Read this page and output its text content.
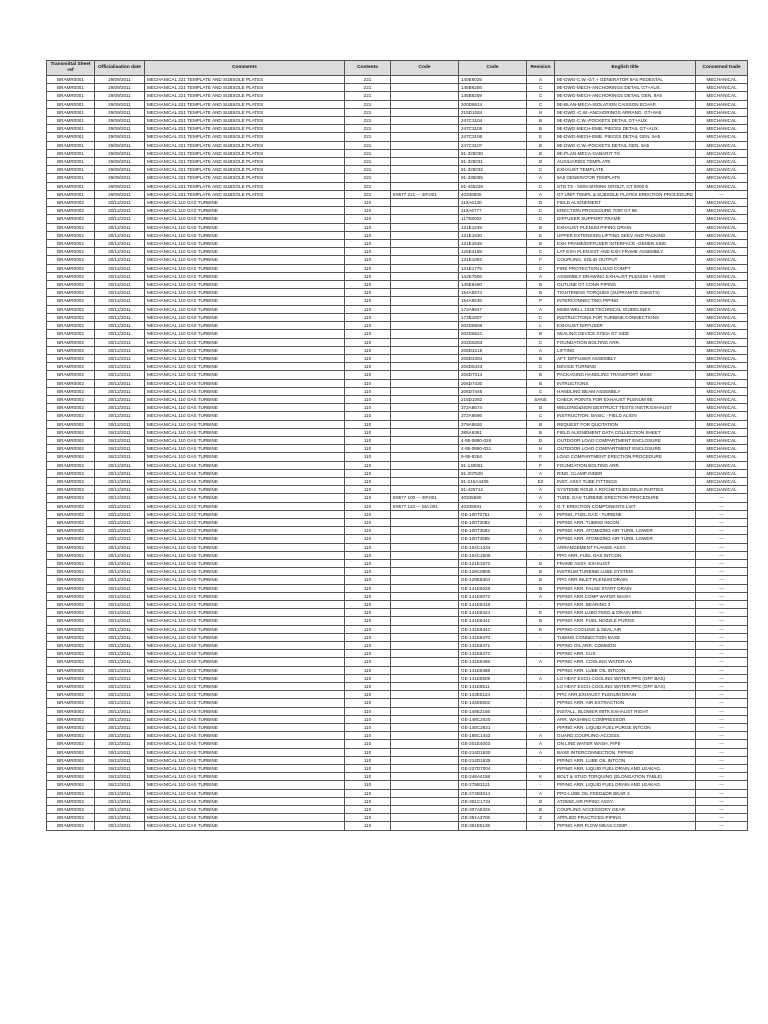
Transmittal Sheet ref	Officialisation date	Comments	Contents	Code	Code	Revision	English title	Concerned trade
BRAMR0001	29/09/2011	MECHANICAL 221 TEMPLATE AND SUBSOLE PLATES	221		140E6025	A	9E-DWG-C.W.-GT + GENERATOR 9A5 PEDESTAL	MECHANICAL
BRAMR0001	29/09/2011	MECHANICAL 221 TEMPLATE AND SUBSOLE PLATES	221		145B6256	C	9E-DWG-MECH-ANCHORINGS DETAIL GT+AUX.	MECHANICAL
BRAMR0001	29/09/2011	MECHANICAL 221 TEMPLATE AND SUBSOLE PLATES	221		145B6259	C	9E-DWG-MECH-ANCHORINGS DETAIL GEN. 9A5	MECHANICAL
BRAMR0001	29/09/2011	MECHANICAL 221 TEMPLATE AND SUBSOLE PLATES	221		200D8614	C	9E-BLAN-MECA-ISOLATION CAISSON ECHAP.	MECHANICAL
BRAMR0001	29/09/2011	MECHANICAL 221 TEMPLATE AND SUBSOLE PLATES	221		215D1064	H	9E-DWG.-C.W.-ANCHORINGS ARRANG. GT+9A5	MECHANICAL
BRAMR0001	29/09/2011	MECHANICAL 221 TEMPLATE AND SUBSOLE PLATES	221		247C3104	B	9E-DWG-C.W.-POCKETS DETAIL GT+AUX.	MECHANICAL
BRAMR0001	29/09/2011	MECHANICAL 221 TEMPLATE AND SUBSOLE PLATES	221		247C3105	B	9E-DWG-MECH-EMB. PIECES DETAIL GT+AUX.	MECHANICAL
BRAMR0001	29/09/2011	MECHANICAL 221 TEMPLATE AND SUBSOLE PLATES	221		247C3106	E	9E-DWG-MECH-EMB. PIECES DETAIL GEN. 9A5	MECHANICAL
BRAMR0001	29/09/2011	MECHANICAL 221 TEMPLATE AND SUBSOLE PLATES	221		247C3107	B	9E-DWG-C.W.-POCKETS DETAIL GEN. 9A5	MECHANICAL
BRAMR0001	29/09/2011	MECHANICAL 221 TEMPLATE AND SUBSOLE PLATES	221		91-325030	B	9E-PLAN-MECA-GABARIT TG	MECHANICAL
BRAMR0001	29/09/2011	MECHANICAL 221 TEMPLATE AND SUBSOLE PLATES	221		91-325031	D	AUXILIARIES TEMPLATE	MECHANICAL
BRAMR0001	29/09/2011	MECHANICAL 221 TEMPLATE AND SUBSOLE PLATES	221		91-325032	C	EXHAUST TEMPLATE	MECHANICAL
BRAMR0001	29/09/2011	MECHANICAL 221 TEMPLATE AND SUBSOLE PLATES	221		91-335085	A	9A5 GENERATOR TEMPLATE	MECHANICAL
BRAMR0001	29/09/2011	MECHANICAL 221 TEMPLATE AND SUBSOLE PLATES	221		91-445226	C	STD TS - NON-SHRINK GROUT, GT 9000 E	MECHANICAL
BRAMR0001	29/09/2011	MECHANICAL 221 TEMPLATE AND SUBSOLE PLATES	221	E9577 221 --- EP.001	40346500	A	GT UNIT TEMPL & SUBSOLE PLATES ERECTION PROCEDURE	---
BRAMR0002	30/12/2011	MECHANICAL 110 GAS TURBINE	110		113A6140	D	FIELD ALIGNEMENT	MECHANICAL
BRAMR0002	30/12/2011	MECHANICAL 110 GAS TURBINE	110		113A6777	C	ERECTION PROCEDURE 7000 GT 9E	MECHANICAL
BRAMR0002	30/12/2011	MECHANICAL 110 GAS TURBINE	110		117E8002	C	DIFFUSER SUPPORT FRAME	MECHANICAL
BRAMR0002	30/12/2011	MECHANICAL 110 GAS TURBINE	110		121E1249	B	EXHAUST PLENUM PIPING DRAIN	MECHANICAL
BRAMR0002	30/12/2011	MECHANICAL 110 GAS TURBINE	110		121E1530	E	UPPER EXTENSION LIFTING SEEV AND PACKING	MECHANICAL
BRAMR0002	30/12/2011	MECHANICAL 110 GAS TURBINE	110		121E1539	B	EXH FRAME/DIFFUSER INTERFACE -GENER.SIDE	MECHANICAL
BRAMR0002	30/12/2011	MECHANICAL 110 GAS TURBINE	110		126E4189	C	LAT EXH PLEN.EXT AND EXH FRAME ASSEMBLY	MECHANICAL
BRAMR0002	30/12/2011	MECHANICAL 110 GAS TURBINE	110		131E1092	F	COUPLING, SOLID OUTPUT	MECHANICAL
BRAMR0002	30/12/2011	MECHANICAL 110 GAS TURBINE	110		131E1775	C	FIRE PROTECTION LOAD COMPT	MECHANICAL
BRAMR0002	30/12/2011	MECHANICAL 110 GAS TURBINE	110		142E7506	A	ASSEMBLY DRAWING EXHAUST PLENUM + MS90	MECHANICAL
BRAMR0002	30/12/2011	MECHANICAL 110 GAS TURBINE	110		145E6490	B	OUTLINE GT CONN PIPING	MECHANICAL
BRAMR0002	30/12/2011	MECHANICAL 110 GAS TURBINE	110		154A5574	B	TIGHTENING TORQUES (SUPRANITE GSKETS)	MECHANICAL
BRAMR0002	30/12/2011	MECHANICAL 110 GAS TURBINE	110		154A6536	P	INTERCONNECTING PIPING	MECHANICAL
BRAMR0002	30/12/2011	MECHANICAL 110 GAS TURBINE	110		172A9847	A	MS90-WELL 1025 TECHNICAL GUIDELINES	MECHANICAL
BRAMR0002	30/12/2011	MECHANICAL 110 GAS TURBINE	110		173B1807	C	INSTRUCTIONS FOR TURBINE CONNECTIONS	MECHANICAL
BRAMR0002	30/12/2011	MECHANICAL 110 GAS TURBINE	110		202D8606	L	EXHAUST DIFFUSER	MECHANICAL
BRAMR0002	30/12/2011	MECHANICAL 110 GAS TURBINE	110		202D8621	B	SEALING DEVICE 0700A GT SIDE	MECHANICAL
BRAMR0002	30/12/2011	MECHANICAL 110 GAS TURBINE	110		202D8283	C	FOUNDATION BOLTING ARR.	MECHANICAL
BRAMR0002	30/12/2011	MECHANICAL 110 GAS TURBINE	110		205D4215	A	LIFTING	MECHANICAL
BRAMR0002	30/12/2011	MECHANICAL 110 GAS TURBINE	110		205D4384	B	AFT. DIFFUSER ASSEMBLY	MECHANICAL
BRAMR0002	30/12/2011	MECHANICAL 110 GAS TURBINE	110		206D5443	C	DEVICE TURNING	MECHANICAL
BRAMR0002	30/12/2011	MECHANICAL 110 GAS TURBINE	110		206D7014	B	PACKAGING HANDLING TRANSPORT MS90	MECHANICAL
BRAMR0002	30/12/2011	MECHANICAL 110 GAS TURBINE	110		206D7430	B	INTRUCTIONS	MECHANICAL
BRAMR0002	30/12/2011	MECHANICAL 110 GAS TURBINE	110		206D7445	C	HANDLING BEAM ASSEMBLY	MECHANICAL
BRAMR0002	30/12/2011	MECHANICAL 110 GAS TURBINE	110		215D1082	SANS	CHECK POINTS FOR EXHAUST PLENUM 9E	MECHANICAL
BRAMR0002	30/12/2011	MECHANICAL 110 GAS TURBINE	110		372A8674	D	WELDING&NON DESTRUCT TESTS INSTR.EXHAUST	MECHANICAL
BRAMR0002	30/12/2011	MECHANICAL 110 GAS TURBINE	110		372A8696	C	INSTRUCTION, BASIC - FIELD ALIGN	MECHANICAL
BRAMR0002	30/12/2011	MECHANICAL 110 GAS TURBINE	110		379A8626	B	REQUEST FOR QUOTATION	MECHANICAL
BRAMR0002	30/12/2011	MECHANICAL 110 GAS TURBINE	110		385A6381	B	FIELD ALIGNEMENT DATA COLLECTION SHEET	MECHANICAL
BRAMR0002	30/12/2011	MECHANICAL 110 GAS TURBINE	110		4-95-0880-026	D	OUTDOOR LOAD COMPARTMENT ENCLOSURE	MECHANICAL
BRAMR0002	30/12/2011	MECHANICAL 110 GAS TURBINE	110		4-95-0880-031	H	OUTDOOR LOAD COMPARTMENT ENCLOSURE	MECHANICAL
BRAMR0002	30/12/2011	MECHANICAL 110 GAS TURBINE	110		9-95-8264	F	LOAD COMPARTMENT ERECTION PROCEDURE	MECHANICAL
BRAMR0002	30/12/2011	MECHANICAL 110 GAS TURBINE	110		91-140051	F	FOUNDATION BOLTING ARR.	MECHANICAL
BRAMR0002	30/12/2011	MECHANICAL 110 GAS TURBINE	110		91-207520	A	RING, CLAMP INNER	MECHANICAL
BRAMR0002	30/12/2011	MECHANICAL 110 GAS TURBINE	110		91-215A4405	E2	INST. ASSY TUBE FITTINGS	MECHANICAL
BRAMR0002	30/12/2011	MECHANICAL 110 GAS TURBINE	110		91-425712	A	SYSTEME ROUE A ROCHETS EN DEUX PARTIES	MECHANICAL
BRAMR0002	30/12/2011	MECHANICAL 110 GAS TURBINE	110	E9577 100 --- EP.001	40345590	A	TURB. GAS TURBINE ERECTION PROCEDURE	---
BRAMR0002	30/12/2011	MECHANICAL 110 GAS TURBINE	110	E9577 110 --- MA.001	40345591	A	G.T. ERECTION COMPONENTS LIST	---
BRAMR0002	30/12/2011	MECHANICAL 110 GAS TURBINE	110		GE-100T0751	A	PIPING, FUEL GAS - TURBINE	---
BRAMR0002	30/12/2011	MECHANICAL 110 GAS TURBINE	110		GE-100T3083	-	PIPING ARR. TUBING INCON	---
BRAMR0002	30/12/2011	MECHANICAL 110 GAS TURBINE	110		GE-100T3583	A	PIPING ARR. ATOMIZING AIR-TURB. LOWER	---
BRAMR0002	30/12/2011	MECHANICAL 110 GAS TURBINE	110		GE-100T3585	A	PIPING ARR. ATOMIZING AIR-TURB. LOWER	---
BRAMR0002	30/12/2011	MECHANICAL 110 GAS TURBINE	110		GE-104C1234	-	ARRANGEMENT FLANGE ASSY.	---
BRAMR0002	30/12/2011	MECHANICAL 110 GAS TURBINE	110		GE-104C2509	-	PPG ARR. FUEL GAS INTCON	---
BRAMR0002	30/12/2011	MECHANICAL 110 GAS TURBINE	110		GE-121E1572	D	FRAME ASSY, EXHAUST	---
BRAMR0002	30/12/2011	MECHANICAL 110 GAS TURBINE	110		GE-128C8805	B	INSTRUM TURBINE LUBE SYSTEM	---
BRAMR0002	30/12/2011	MECHANICAL 110 GAS TURBINE	110		GE-128E8304	B	PPG ARR.INLET PLENUM DRAIN	---
BRAMR0002	30/12/2011	MECHANICAL 110 GAS TURBINE	110		GE-141E5028	B	PIPING ARR. FALSE START DRAIN	---
BRAMR0002	30/12/2011	MECHANICAL 110 GAS TURBINE	110		GE-141E5072	A	PIPING ARR.COMP WATER WASH	---
BRAMR0002	30/12/2011	MECHANICAL 110 GAS TURBINE	110		GE-141E8418	-	PIPING ARR. BEARING 3	---
BRAMR0002	30/12/2011	MECHANICAL 110 GAS TURBINE	110		GE-141E8424	E	PIPING ARR.LUBO FEED & DRAIN BRG	---
BRAMR0002	30/12/2011	MECHANICAL 110 GAS TURBINE	110		GE-141E8441	B	PIPING ARR. FUEL NOZZLE PURGE	---
BRAMR0002	30/12/2011	MECHANICAL 110 GAS TURBINE	110		GE-141E8442	E	PIPING-COOLING & SEAL AIR	---
BRAMR0002	30/12/2011	MECHANICAL 110 GAS TURBINE	110		GE-141E8470	-	TUBING CONNECTION BASE	---
BRAMR0002	30/12/2011	MECHANICAL 110 GAS TURBINE	110		GE-141E8471	-	PIPING OIL ARR. COMMON	---
BRAMR0002	30/12/2011	MECHANICAL 110 GAS TURBINE	110		GE-141E8472	-	PIPING ARR. CUS	---
BRAMR0002	30/12/2011	MECHANICAL 110 GAS TURBINE	110		GE-141E8485	A	PIPING ARR. COOLING WATER-AA	---
BRAMR0002	30/12/2011	MECHANICAL 110 GAS TURBINE	110		GE-141E8488	-	PIPING ARR. LUBE OIL INTCON	---
BRAMR0002	30/12/2011	MECHANICAL 110 GAS TURBINE	110		GE-141E8509	A	LO HEAT EXCH.COOLING WATER PPG (OFF BAS)	---
BRAMR0002	30/12/2011	MECHANICAL 110 GAS TURBINE	110		GE-141E8511	-	LO HEAT EXCH.COOLING WATER PPG (OFF BAS)	---
BRAMR0002	30/12/2011	MECHANICAL 110 GAS TURBINE	110		GE-143E5124	-	PPG ARR.EXHAUST PLENUM DRAIN	---
BRAMR0002	30/12/2011	MECHANICAL 110 GAS TURBINE	110		GE-144E5602	-	PIPING ARR. AIR EXTRACTION	---
BRAMR0002	30/12/2011	MECHANICAL 110 GAS TURBINE	110		GE-148E2156	-	INSTALL, BLOWER 88TK EXHAUST RIGHT	---
BRAMR0002	30/12/2011	MECHANICAL 110 GAS TURBINE	110		GE-148C2020	-	ARR. WASHING COMPRESSOR	---
BRAMR0002	30/12/2011	MECHANICAL 110 GAS TURBINE	110		GE-148C2631	-	PIPING ARR. LIQUID FUEL PURGE INTCON	---
BRAMR0002	30/12/2011	MECHANICAL 110 GAS TURBINE	110		GE-188C1442	A	GUARD,COUPLING-ACCESS.	---
BRAMR0002	30/12/2011	MECHANICAL 110 GAS TURBINE	110		GE-201E4003	A	ON LINE WATER WASH, PIPE	---
BRAMR0002	30/12/2011	MECHANICAL 110 GAS TURBINE	110		GE-214D1630	A	BASE INTERCONNECTION, PIPING	---
BRAMR0002	30/12/2011	MECHANICAL 110 GAS TURBINE	110		GE-214D1635	-	PIPING ARR. LUBE OIL INTCON	---
BRAMR0002	30/12/2011	MECHANICAL 110 GAS TURBINE	110		GE-227D7004	-	PIPING ARR. LIQUID FUEL DRAIN AND LEAKAG.	---
BRAMR0002	30/12/2011	MECHANICAL 110 GAS TURBINE	110		GE-246A4158	K	BOLT & STUD TORQUING (ELONGATION TABLE)	---
BRAMR0002	30/12/2011	MECHANICAL 110 GAS TURBINE	110		GE-275B3121	-	PIPING ARR. LIQUID FUEL DRAIN AND LEAKAG.	---
BRAMR0002	30/12/2011	MECHANICAL 110 GAS TURBINE	110		GE-274B3014	A	PPG-LUBE OIL FEED&DR.BEAR 3	---
BRAMR0002	30/12/2011	MECHANICAL 110 GAS TURBINE	110		GE-301C1734	D	ATOMIZ.AIR PIPING ASSY.	---
BRAMR0002	30/12/2011	MECHANICAL 110 GAS TURBINE	110		GE-307A8325	B	COUPLING ACCESSORY GEAR	---
BRAMR0002	30/12/2011	MECHANICAL 110 GAS TURBINE	110		GE-351A3706	Z	APPLIED PRACTICES-PIPING	---
BRAMR0002	30/12/2011	MECHANICAL 110 GAS TURBINE	110		GE-361E5136	-	PIPING ARR.FLOW MEAS.COMP.	---
